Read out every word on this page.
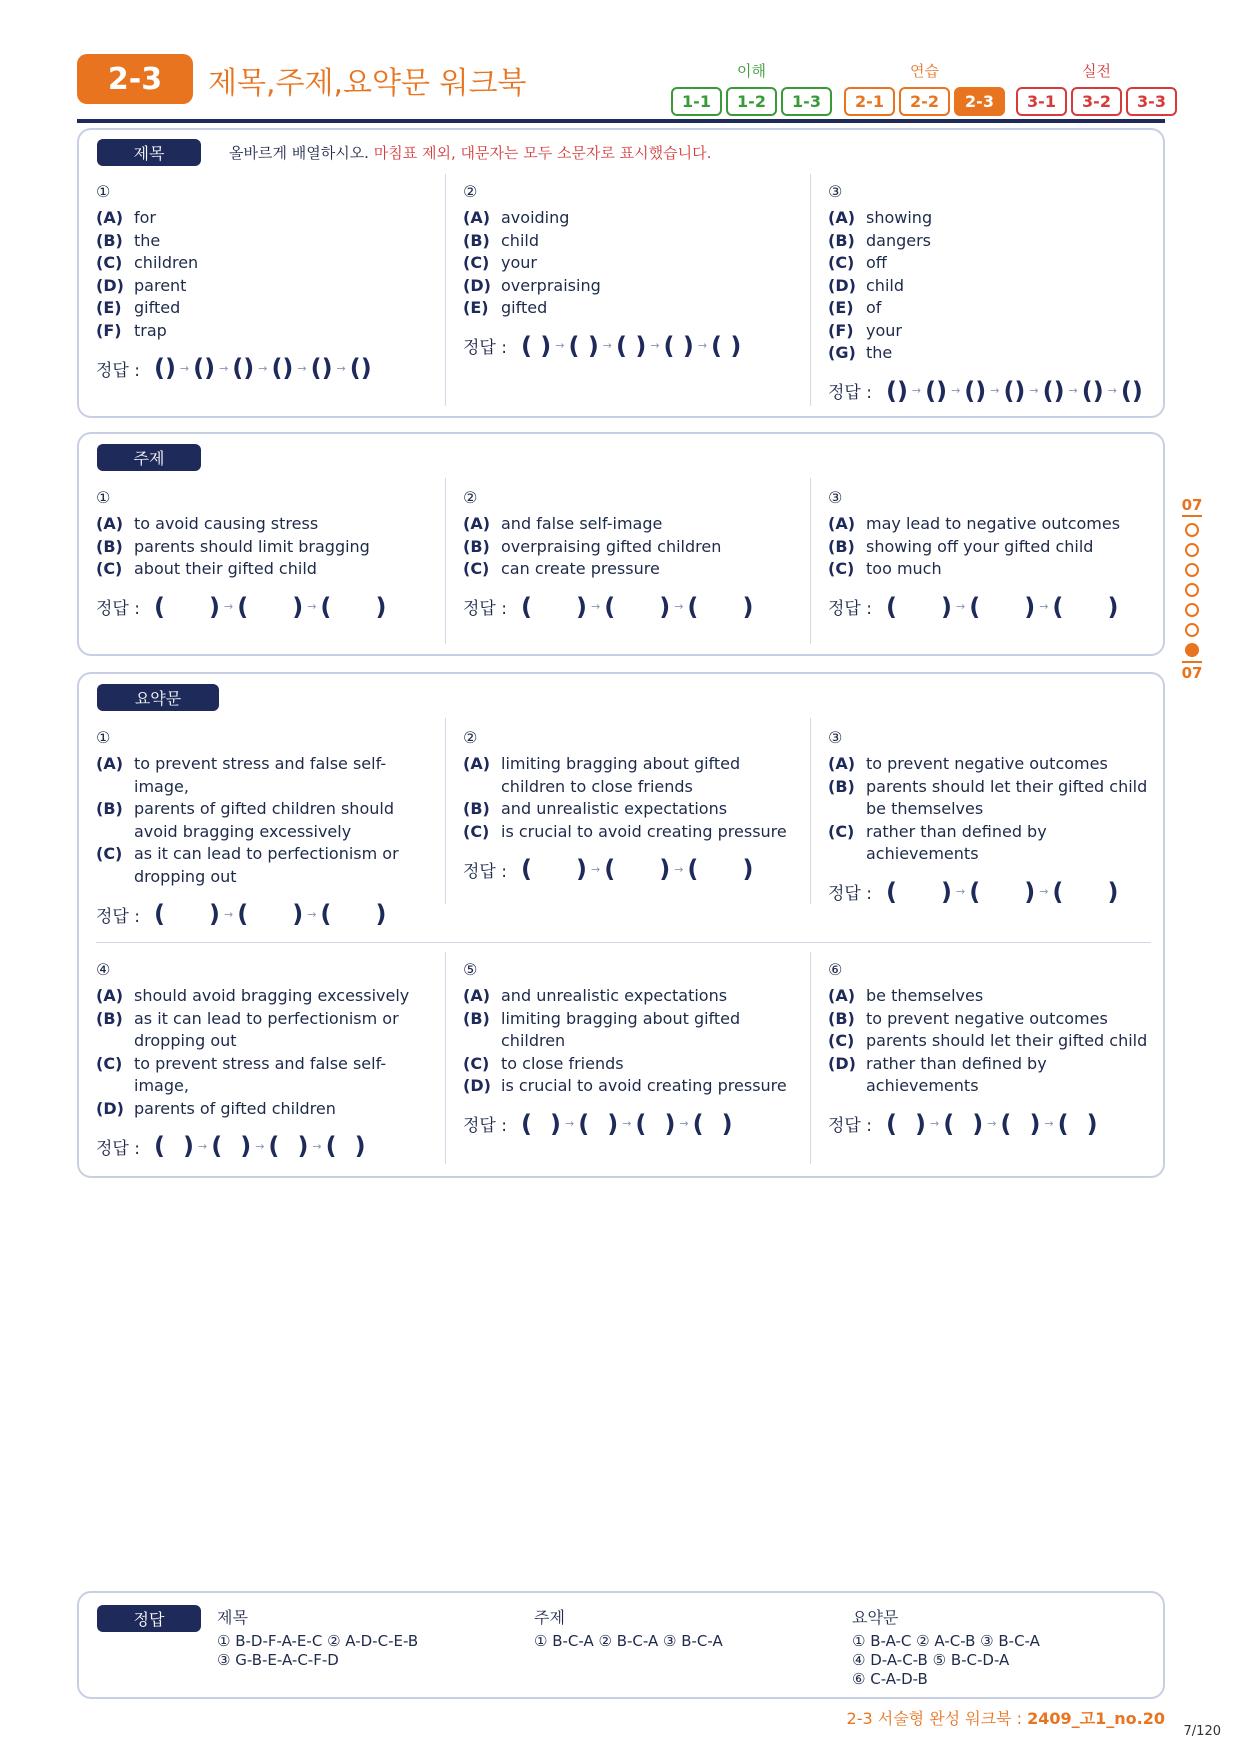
2-3	제목,주제,요약문 워크북	이해
1-1	1-2	1-3
연습
2-1	2-2	2-3
실전
3-1	3-2	3-3
제목	올바르게 배열하시오. 마침표 제외, 대문자는 모두 소문자로 표시했습니다.
①
(A) for
(B) the
(C) children
(D) parent
(E) gifted
(F) trap
정답 : () → () → () → () → () → ()
②
(A) avoiding
(B) child
(C) your
(D) overpraising
(E) gifted
정답 : ( ) → ( ) → ( ) → ( ) → ( )
③
(A) showing
(B) dangers
(C) off
(D) child
(E) of
(F) your
(G) the
정답 : () → () → () → () → () → () → ()
주제
①
(A) to avoid causing stress
(B) parents should limit bragging
(C) about their gifted child
정답 : ( ) → ( ) → ( )
②
(A) and false self-image
(B) overpraising gifted children
(C) can create pressure
정답 : ( ) → ( ) → ( )
③
(A) may lead to negative outcomes
(B) showing off your gifted child
(C) too much
정답 : ( ) → ( ) → ( )
요약문
①
(A) to prevent stress and false self-image,
(B) parents of gifted children should avoid bragging excessively
(C) as it can lead to perfectionism or dropping out
정답 : ( ) → ( ) → ( )
②
(A) limiting bragging about gifted children to close friends
(B) and unrealistic expectations
(C) is crucial to avoid creating pressure
정답 : ( ) → ( ) → ( )
③
(A) to prevent negative outcomes
(B) parents should let their gifted child be themselves
(C) rather than defined by achievements
정답 : ( ) → ( ) → ( )
④
(A) should avoid bragging excessively
(B) as it can lead to perfectionism or dropping out
(C) to prevent stress and false self-image,
(D) parents of gifted children
정답 : ( ) → ( ) → ( ) → ( )
⑤
(A) and unrealistic expectations
(B) limiting bragging about gifted children
(C) to close friends
(D) is crucial to avoid creating pressure
정답 : ( ) → ( ) → ( ) → ( )
⑥
(A) be themselves
(B) to prevent negative outcomes
(C) parents should let their gifted child
(D) rather than defined by achievements
정답 : ( ) → ( ) → ( ) → ( )
07
07
정답	제목
① B-D-F-A-E-C ② A-D-C-E-B
③ G-B-E-A-C-F-D
주제
① B-C-A ② B-C-A ③ B-C-A
요약문
① B-A-C ② A-C-B ③ B-C-A
④ D-A-C-B ⑤ B-C-D-A
⑥ C-A-D-B
2-3 서술형 완성 워크북 : 2409_고1_no.20
7/120
